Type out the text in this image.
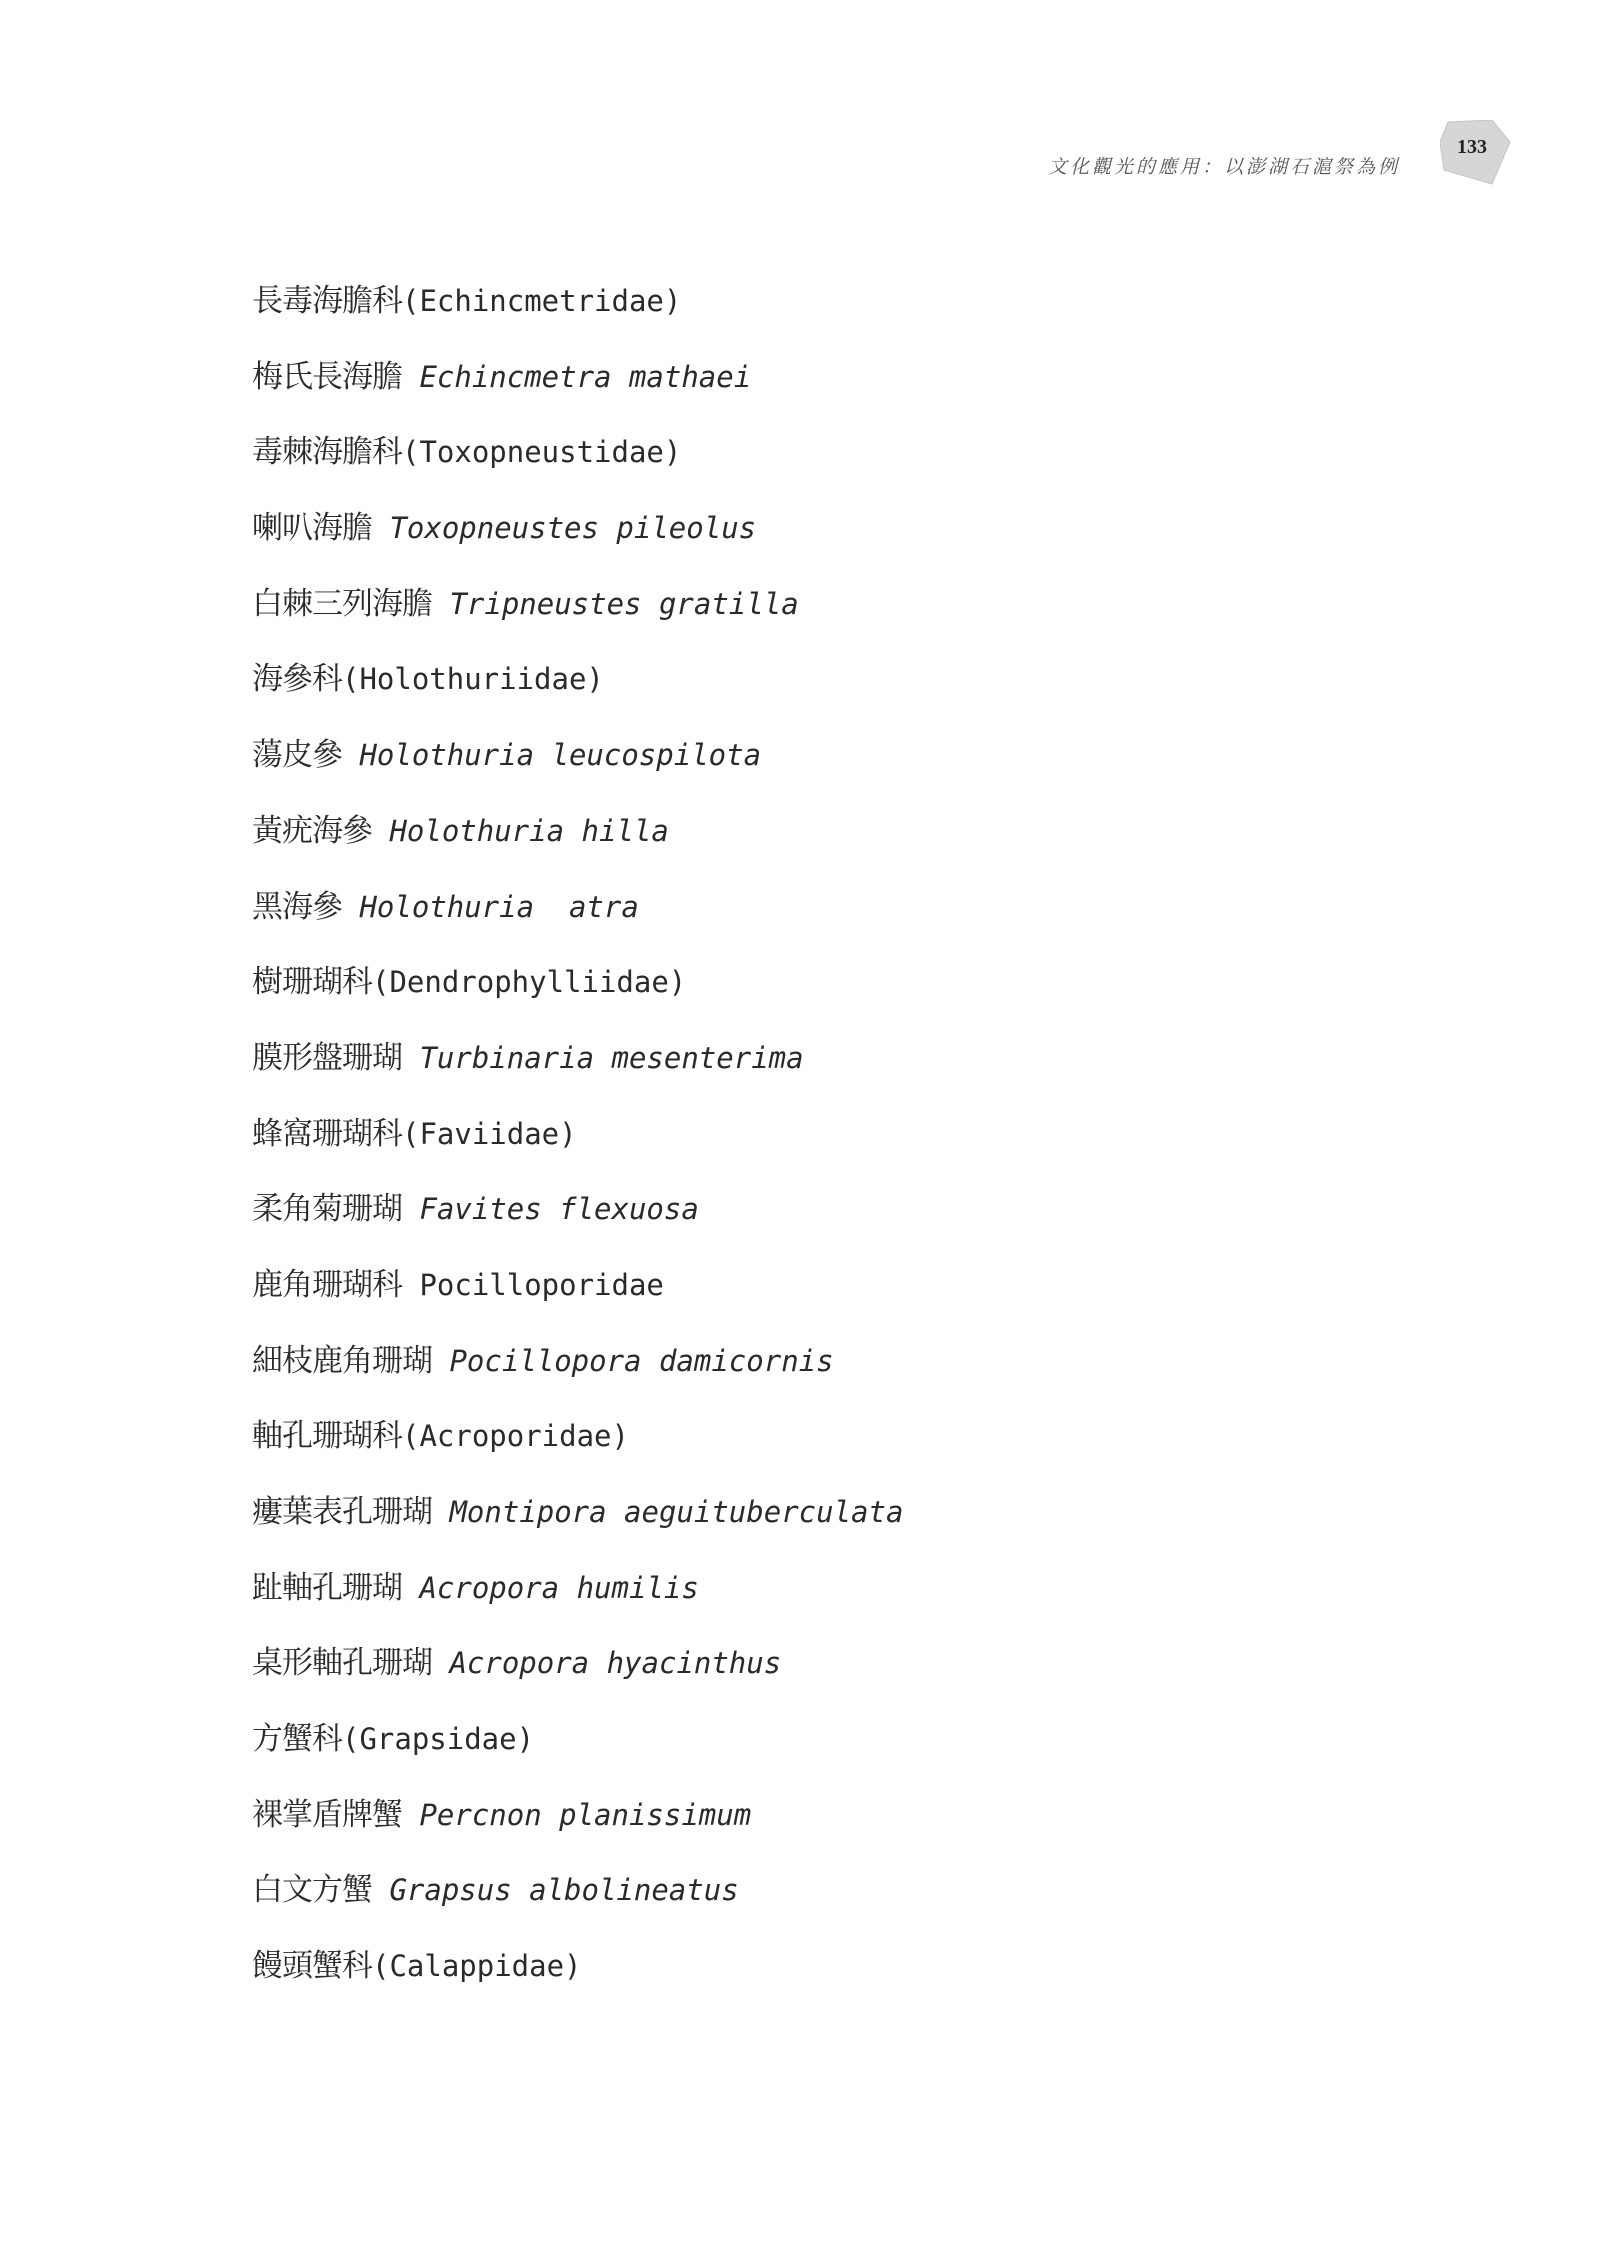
文化觀光的應用：以澎湖石滬祭為例
133
長毒海膽科(Echincmetridae)
梅氏長海膽 Echincmetra mathaei
毒棘海膽科(Toxopneustidae)
喇叭海膽 Toxopneustes pileolus
白棘三列海膽 Tripneustes gratilla
海參科(Holothuriidae)
蕩皮參 Holothuria leucospilota
黃疣海參 Holothuria hilla
黑海參 Holothuria  atra
樹珊瑚科(Dendrophylliidae)
膜形盤珊瑚 Turbinaria mesenterima
蜂窩珊瑚科(Faviidae)
柔角菊珊瑚 Favites flexuosa
鹿角珊瑚科 Pocilloporidae
細枝鹿角珊瑚 Pocillopora damicornis
軸孔珊瑚科(Acroporidae)
瘻葉表孔珊瑚 Montipora aeguituberculata
趾軸孔珊瑚 Acropora humilis
桌形軸孔珊瑚 Acropora hyacinthus
方蟹科(Grapsidae)
裸掌盾牌蟹 Percnon planissimum
白文方蟹 Grapsus albolineatus
饅頭蟹科(Calappidae)
